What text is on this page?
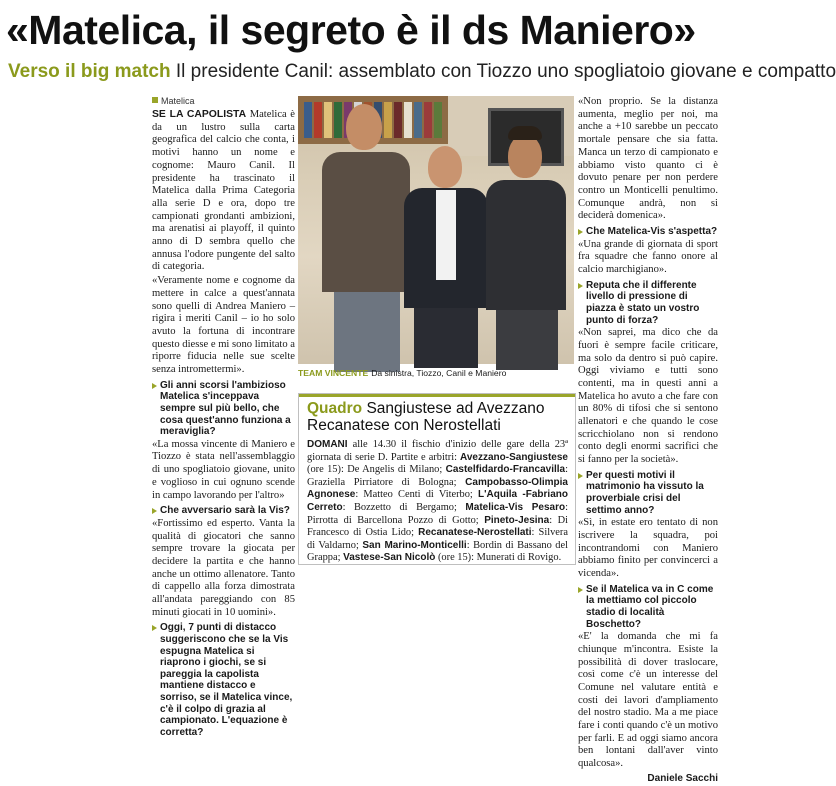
«Matelica, il segreto è il ds Maniero»
Verso il big match Il presidente Canil: assemblato con Tiozzo uno spogliatoio giovane e compatto
Matelica

SE LA CAPOLISTA Matelica è da un lustro sulla carta geografica del calcio che conta, i motivi hanno un nome e cognome: Mauro Canil. Il presidente ha trascinato il Matelica dalla Prima Categoria alla serie D e ora, dopo tre campionati grondanti ambizioni, ma arenatisi ai playoff, il quinto anno di D sembra quello che annusa l'odore pungente del salto di categoria.

«Veramente nome e cognome da mettere in calce a quest'annata sono quelli di Andrea Maniero – rigira i meriti Canil – io ho solo avuto la fortuna di incontrare questo diesse e mi sono limitato a riporre fiducia nelle sue scelte senza intromettermi».

Gli anni scorsi l'ambizioso Matelica s'inceppava sempre sul più bello, che cosa quest'anno funziona a meraviglia?

«La mossa vincente di Maniero e Tiozzo è stata nell'assemblaggio di uno spogliatoio giovane, unito e voglioso in cui ognuno scende in campo lavorando per l'altro»

Che avversario sarà la Vis?

«Fortissimo ed esperto. Vanta la qualità di giocatori che sanno sempre trovare la giocata per decidere la partita e che hanno anche un ottimo allenatore. Tanto di cappello alla forza dimostrata all'andata pareggiando con 85 minuti giocati in 10 uomini».

Oggi, 7 punti di distacco suggeriscono che se la Vis espugna Matelica si riaprono i giochi, se si pareggia la capolista mantiene distacco e sorriso, se il Matelica vince, c'è il colpo di grazia al campionato. L'equazione è corretta?
TEAM VINCENTE Da sinistra, Tiozzo, Canil e Maniero
Quadro Sangiustese ad Avezzano
Recanatese con Nerostellati
DOMANI alle 14.30 il fischio d'inizio delle gare della 23ª giornata di serie D. Partite e arbitri: Avezzano-Sangiustese (ore 15): De Angelis di Milano; Castelfidardo-Francavilla: Graziella Pirriatore di Bologna; Campobasso-Olimpia Agnonese: Matteo Centi di Viterbo; L'Aquila -Fabriano Cerreto: Bozzetto di Bergamo; Matelica-Vis Pesaro: Pirrotta di Barcellona Pozzo di Gotto; Pineto-Jesina: Di Francesco di Ostia Lido; Recanatese-Nerostellati: Silvera di Valdarno; San Marino-Monticelli: Bordin di Bassano del Grappa; Vastese-San Nicolò (ore 15): Munerati di Rovigo.

«Non proprio. Se la distanza aumenta, meglio per noi, ma anche a +10 sarebbe un peccato mortale pensare che sia fatta. Manca un terzo di campionato e abbiamo visto quanto ci è dovuto penare per non perdere contro un Monticelli penultimo. Comunque andrà, non si deciderà domenica».

Che Matelica-Vis s'aspetta?

«Una grande di giornata di sport fra squadre che fanno onore al calcio marchigiano».

Reputa che il differente livello di pressione di piazza è stato un vostro punto di forza?

«Non saprei, ma dico che da fuori è sempre facile criticare, ma solo da dentro si può capire. Oggi viviamo e tutti sono contenti, ma in questi anni a Matelica ho avuto a che fare con un 80% di tifosi che si sentono allenatori e che quando le cose scricchiolano non si rendono conto degli enormi sacrifici che si fanno per la società».

Per questi motivi il matrimonio ha vissuto la proverbiale crisi del settimo anno?

«Sì, in estate ero tentato di non iscrivere la squadra, poi incontrandomi con Maniero abbiamo finito per convincerci a vicenda».

Se il Matelica va in C come la mettiamo col piccolo stadio di località Boschetto?

«E' la domanda che mi fa chiunque m'incontra. Esiste la possibilità di dover traslocare, così come c'è un interesse del Comune nel valutare entità e costi dei lavori d'ampliamento del nostro stadio. Ma a me piace fare i conti quando c'è un motivo per farli. E ad oggi siamo ancora ben lontani dall'aver vinto qualcosa».

Daniele Sacchi
